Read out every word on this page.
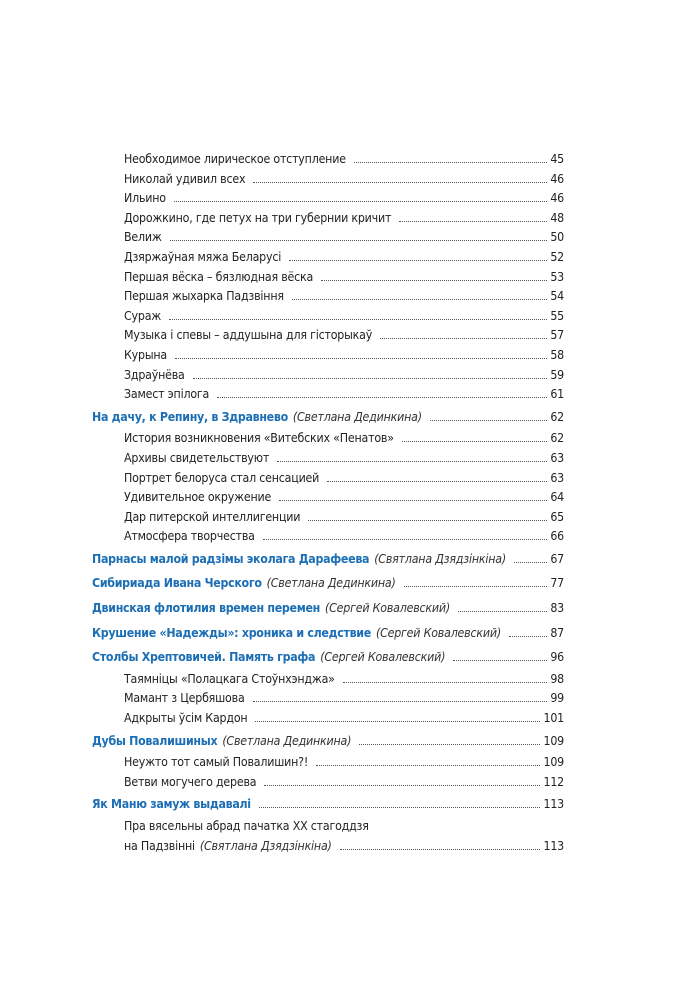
Необходимое лирическое отступление	45
Николай удивил всех	46
Ильино	46
Дорожкино, где петух на три губернии кричит	48
Велиж	50
Дзяржаўная мяжа Беларусі	52
Першая вёска – бязлюдная вёска	53
Першая жыхарка Падзвіння	54
Сураж	55
Музыка і спевы – аддушына для гісторыкаў	57
Курына	58
Здраўнёва	59
Замест эпілога	61
На дачу, к Репину, в Здравнево (Светлана Дединкина)	62
История возникновения «Витебских «Пенатов»	62
Архивы свидетельствуют	63
Портрет белоруса стал сенсацией	63
Удивительное окружение	64
Дар питерской интеллигенции	65
Атмосфера творчества	66
Парнасы малой радзімы эколага Дарафеева (Святлана Дзядзінкіна)	67
Сибириада Ивана Черского (Светлана Дединкина)	77
Двинская флотилия времен перемен (Сергей Ковалевский)	83
Крушение «Надежды»: хроника и следствие (Сергей Ковалевский)	87
Столбы Хрептовичей. Память графа (Сергей Ковалевский)	96
Таямніцы «Полацкага Стоўнхэнджа»	98
Мамант з Цербяшова	99
Адкрыты ўсім Кардон	101
Дубы Повалишиных (Светлана Дединкина)	109
Неужто тот самый Повалишин?!	109
Ветви могучего дерева	112
Як Маню замуж выдавалі	113
Пра вясельны абрад пачатка XX стагоддзя
на Падзвінні (Святлана Дзядзінкіна)	113
